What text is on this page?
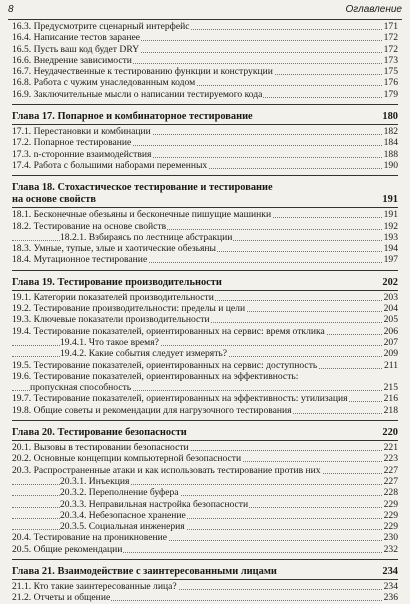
8	Оглавление
16.3. Предусмотрите сценарный интерфейс	171
16.4. Написание тестов заранее	172
16.5. Пусть ваш код будет DRY	172
16.6. Внедрение зависимости	173
16.7. Неудачественные к тестированию функции и конструкции	175
16.8. Работа с чужим унаследованным кодом	176
16.9. Заключительные мысли о написании тестируемого кода	179
Глава 17. Попарное и комбинаторное тестирование	180
17.1. Перестановки и комбинации	182
17.2. Попарное тестирование	184
17.3. n-сторонние взаимодействия	188
17.4. Работа с большими наборами переменных	190
Глава 18. Стохастическое тестирование и тестирование
на основе свойств	191
18.1. Бесконечные обезьяны и бесконечные пишущие машинки	191
18.2. Тестирование на основе свойств	192
18.2.1. Взбираясь по лестнице абстракции	193
18.3. Умные, тупые, злые и хаотические обезьяны	194
18.4. Мутационное тестирование	197
Глава 19. Тестирование производительности	202
19.1. Категории показателей производительности	203
19.2. Тестирование производительности: пределы и цели	204
19.3. Ключевые показатели производительности	205
19.4. Тестирование показателей, ориентированных на сервис: время отклика	206
19.4.1. Что такое время?	207
19.4.2. Какие события следует измерять?	209
19.5. Тестирование показателей, ориентированных на сервис: доступность	211
19.6. Тестирование показателей, ориентированных на эффективность:
пропускная способность	215
19.7. Тестирование показателей, ориентированных на эффективность: утилизация	216
19.8. Общие советы и рекомендации для нагрузочного тестирования	218
Глава 20. Тестирование безопасности	220
20.1. Вызовы в тестировании безопасности	221
20.2. Основные концепции компьютерной безопасности	223
20.3. Распространенные атаки и как использовать тестирование против них	227
20.3.1. Инъекция	227
20.3.2. Переполнение буфера	228
20.3.3. Неправильная настройка безопасности	229
20.3.4. Небезопасное хранение	229
20.3.5. Социальная инженерия	229
20.4. Тестирование на проникновение	230
20.5. Общие рекомендации	232
Глава 21. Взаимодействие с заинтересованными лицами	234
21.1. Кто такие заинтересованные лица?	234
21.2. Отчеты и общение	236
